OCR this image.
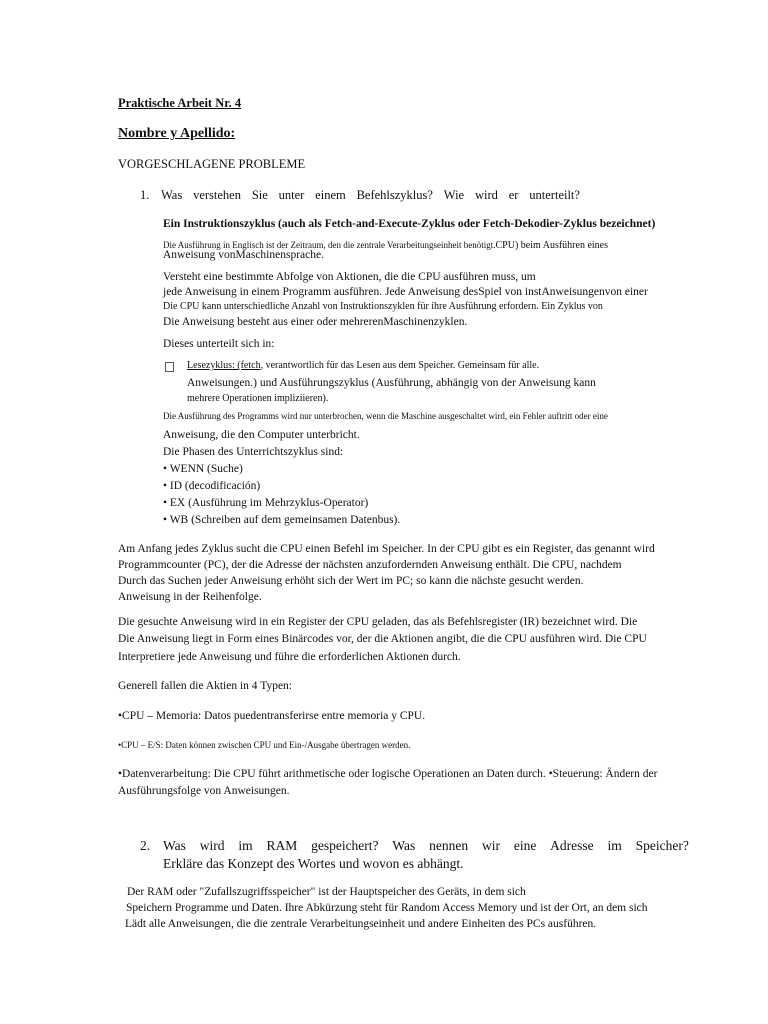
Praktische Arbeit Nr. 4
Nombre y Apellido:
VORGESCHLAGENE PROBLEME
1. Was verstehen Sie unter einem Befehlszyklus? Wie wird er unterteilt?
Ein Instruktionszyklus (auch als Fetch-and-Execute-Zyklus oder Fetch-Dekodier-Zyklus bezeichnet)
Die Ausführung in Englisch ist der Zeitraum, den die zentrale Verarbeitungseinheit benötigt.CPU) beim Ausführen eines
Anweisung vonMaschinensprache.
Versteht eine bestimmte Abfolge von Aktionen, die die CPU ausführen muss, um
jede Anweisung in einem Programm ausführen. Jede Anweisung desSpiel von instAnweisungenvon einer
Die CPU kann unterschiedliche Anzahl von Instruktionszyklen für ihre Ausführung erfordern. Ein Zyklus von
Die Anweisung besteht aus einer oder mehrerenMaschinenzyklen.
Dieses unterteilt sich in:
Lesezyklus: (fetch, verantwortlich für das Lesen aus dem Speicher. Gemeinsam für alle.
Anweisungen.) und Ausführungszyklus (Ausführung, abhängig von der Anweisung kann
mehrere Operationen impliziieren).
Die Ausführung des Programms wird nur unterbrochen, wenn die Maschine ausgeschaltet wird, ein Fehler auftritt oder eine
Anweisung, die den Computer unterbricht.
Die Phasen des Unterrichtszyklus sind:
• WENN (Suche)
• ID (decodificación)
• EX (Ausführung im Mehrzyklus-Operator)
• WB (Schreiben auf dem gemeinsamen Datenbus).
Am Anfang jedes Zyklus sucht die CPU einen Befehl im Speicher. In der CPU gibt es ein Register, das genannt wird
Programmcounter (PC), der die Adresse der nächsten anzufordernden Anweisung enthält. Die CPU, nachdem
Durch das Suchen jeder Anweisung erhöht sich der Wert im PC; so kann die nächste gesucht werden.
Anweisung in der Reihenfolge.
Die gesuchte Anweisung wird in ein Register der CPU geladen, das als Befehlsregister (IR) bezeichnet wird. Die
Die Anweisung liegt in Form eines Binärcodes vor, der die Aktionen angibt, die die CPU ausführen wird. Die CPU
Interpretiere jede Anweisung und führe die erforderlichen Aktionen durch.
Generell fallen die Aktien in 4 Typen:
•CPU – Memoria: Datos puedentransferirse entre memoria y CPU.
•CPU – E/S: Daten können zwischen CPU und Ein-/Ausgabe übertragen werden.
•Datenverarbeitung: Die CPU führt arithmetische oder logische Operationen an Daten durch. •Steuerung: Ändern der
Ausführungsfolge von Anweisungen.
2. Was wird im RAM gespeichert? Was nennen wir eine Adresse im Speicher?
Erkläre das Konzept des Wortes und wovon es abhängt.
Der RAM oder "Zufallszugriffsspeicher" ist der Hauptspeicher des Geräts, in dem sich
Speichern Programme und Daten. Ihre Abkürzung steht für Random Access Memory und ist der Ort, an dem sich
Lädt alle Anweisungen, die die zentrale Verarbeitungseinheit und andere Einheiten des PCs ausführen.
